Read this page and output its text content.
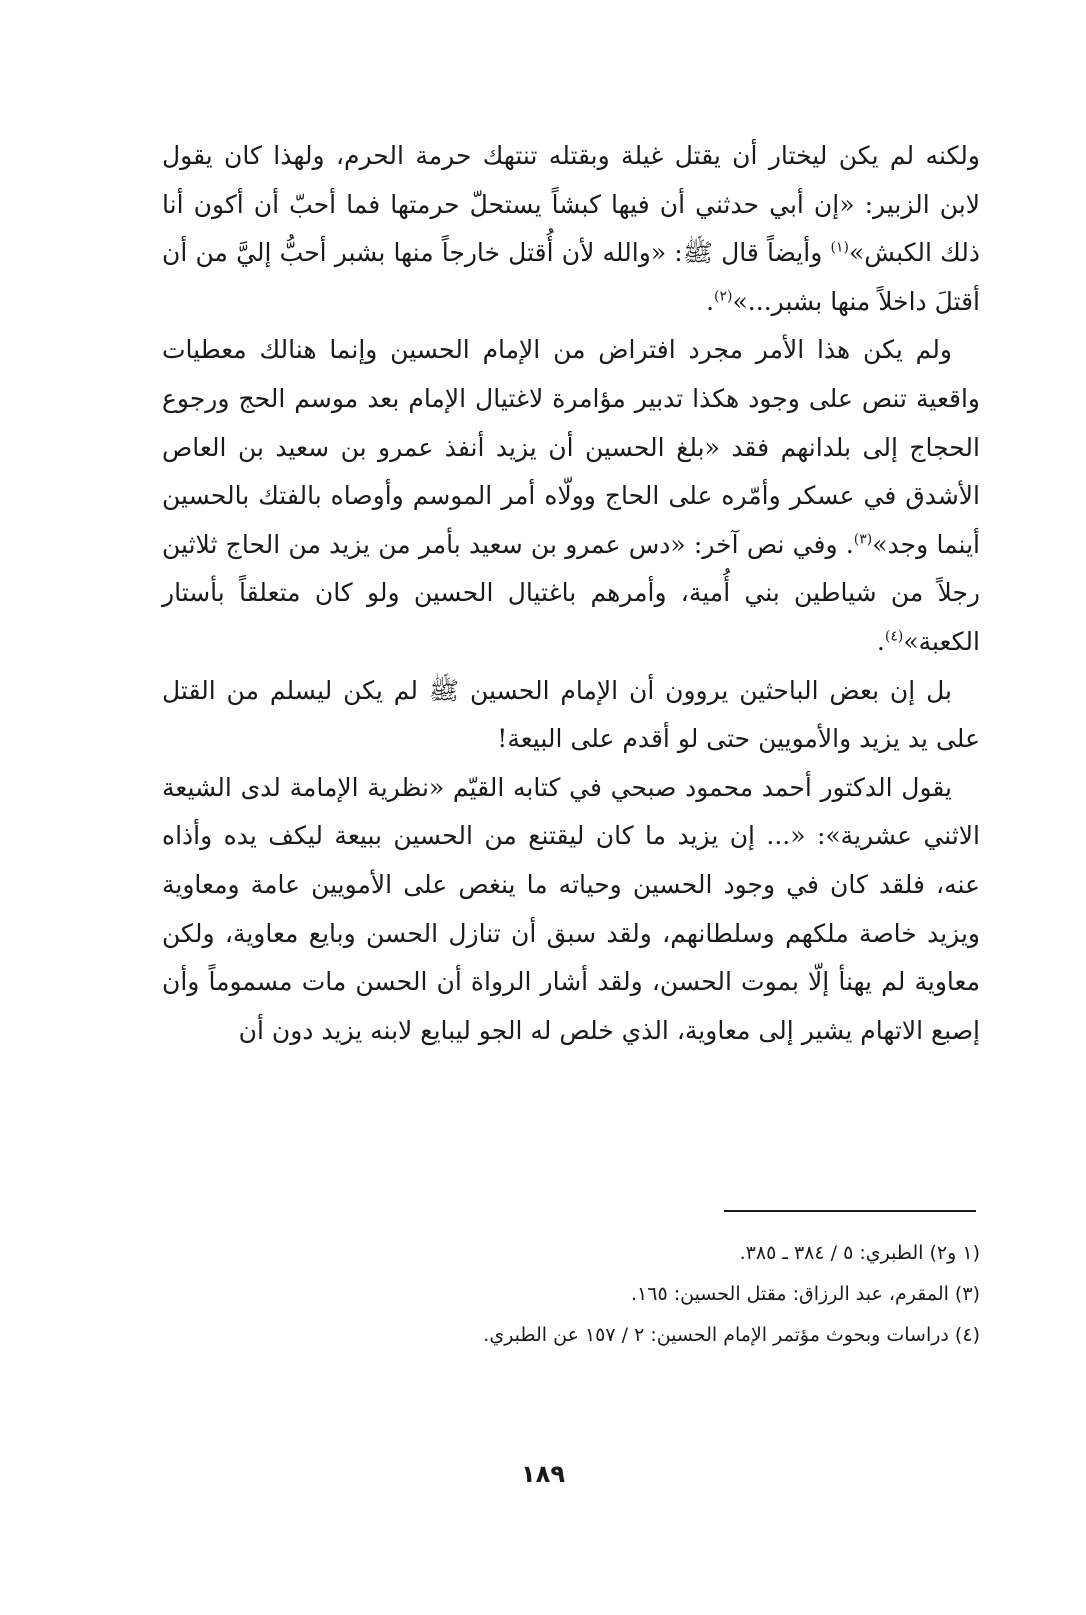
ولكنه لم يكن ليختار أن يقتل غيلة وبقتله تنتهك حرمة الحرم، ولهذا كان يقول لابن الزبير: «إن أبي حدثني أن فيها كبشاً يستحلّ حرمتها فما أحبّ أن أكون أنا ذلك الكبش»$^{(١)}$ وأيضاً قال ﷺ: «والله لأن أُقتل خارجاً منها بشبر أحبُّ إليَّ من أن أقتلَ داخلاً منها بشبر...»$^{(٢)}$.

ولم يكن هذا الأمر مجرد افتراض من الإمام الحسين وإنما هنالك معطيات واقعية تنص على وجود هكذا تدبير مؤامرة لاغتيال الإمام بعد موسم الحج ورجوع الحجاج إلى بلدانهم فقد «بلغ الحسين أن يزيد أنفذ عمرو بن سعيد بن العاص الأشدق في عسكر وأمّره على الحاج وولّاه أمر الموسم وأوصاه بالفتك بالحسين أينما وجد»$^{(٣)}$. وفي نص آخر: «دس عمرو بن سعيد بأمر من يزيد من الحاج ثلاثين رجلاً من شياطين بني أُمية، وأمرهم باغتيال الحسين ولو كان متعلقاً بأستار الكعبة»$^{(٤)}$.

بل إن بعض الباحثين يروون أن الإمام الحسين ﷺ لم يكن ليسلم من القتل على يد يزيد والأمويين حتى لو أقدم على البيعة!

يقول الدكتور أحمد محمود صبحي في كتابه القيّم «نظرية الإمامة لدى الشيعة الاثني عشرية»: «... إن يزيد ما كان ليقتنع من الحسين ببيعة ليكف يده وأذاه عنه، فلقد كان في وجود الحسين وحياته ما ينغص على الأمويين عامة ومعاوية ويزيد خاصة ملكهم وسلطانهم، ولقد سبق أن تنازل الحسن وبايع معاوية، ولكن معاوية لم يهنأ إلّا بموت الحسن، ولقد أشار الرواة أن الحسن مات مسموماً وأن إصبع الاتهام يشير إلى معاوية، الذي خلص له الجو ليبايع لابنه يزيد دون أن

(١ و٢) الطبري: ٥ / ٣٨٤ ـ ٣٨٥.
(٣) المقرم، عبد الرزاق: مقتل الحسين: ١٦٥.
(٤) دراسات وبحوث مؤتمر الإمام الحسين: ٢ / ١٥٧ عن الطبري.
١٨٩
